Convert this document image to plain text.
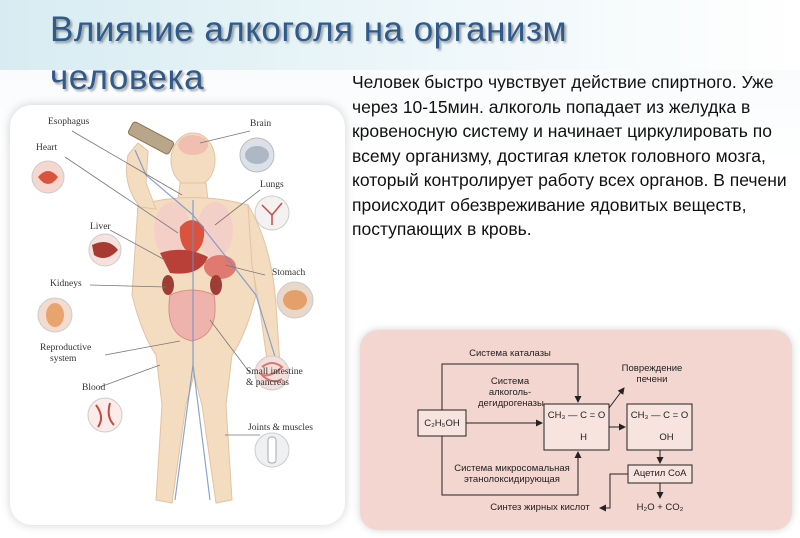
Влияние алкоголя на организм
человека	Человек быстро чувствует действие спиртного. Уже через 10-15мин. алкоголь попадает из желудка в кровеносную систему и начинает циркулировать по всему организму, достигая клеток головного мозга, который контролирует работу всех органов. В печени происходит обезвреживание ядовитых веществ, поступающих в кровь.
Esophagus
Heart
Liver
Kidneys
Reproductive
system
Blood
Brain
Lungs
Stomach
Small intestine
& pancreas
Joints & muscles
Система каталазы
Система
алкоголь-
дегидрогеназы
Повреждение
печени
C₂H₅OH
CH₃ — C = O
H
CH₃ — C = O
OH
Система микросомальная
этанолоксидирующая
Ацетил CoA
Синтез жирных кислот	H₂O + CO₂
